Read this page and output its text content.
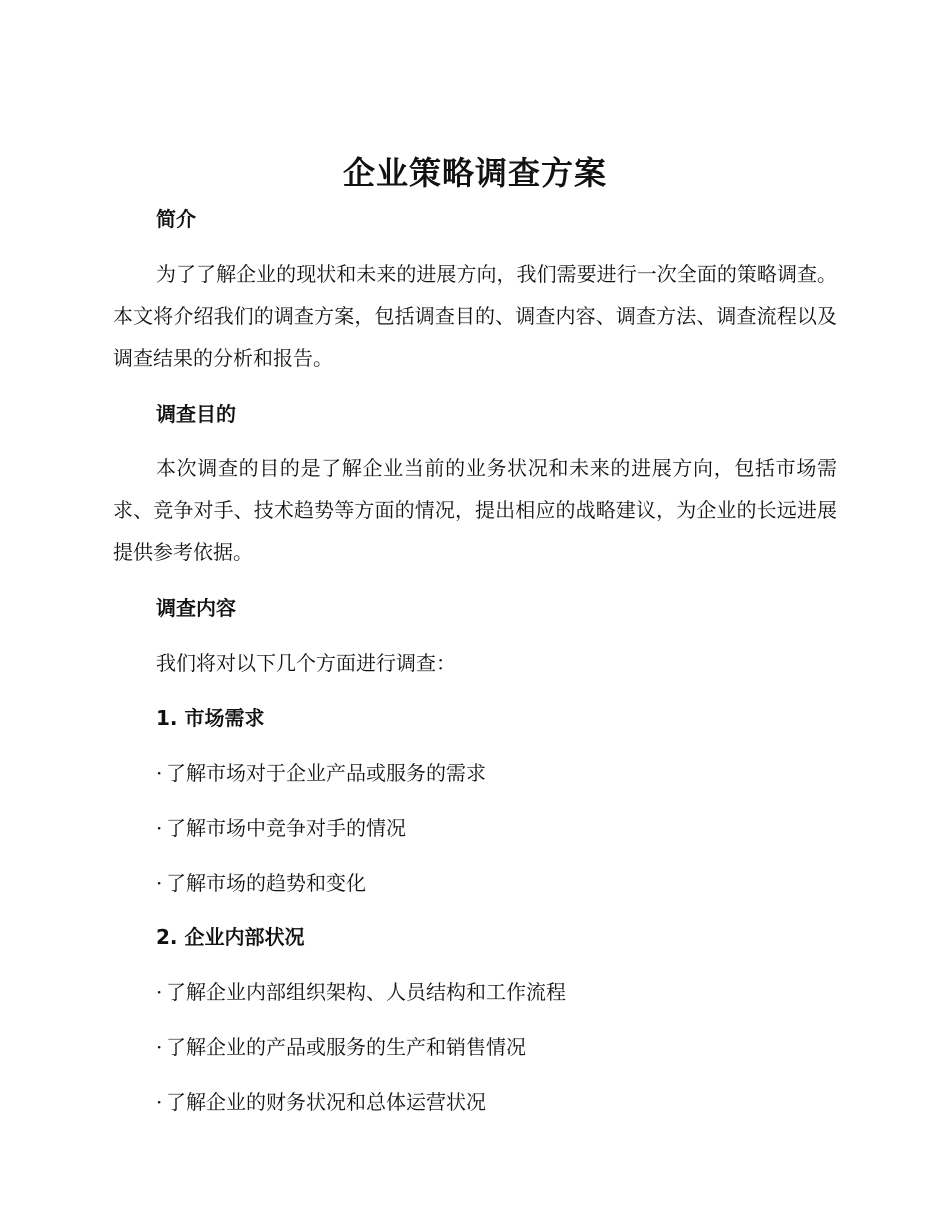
企业策略调查方案
简介

为了了解企业的现状和未来的进展方向，我们需要进行一次全面的策略调查。本文将介绍我们的调查方案，包括调查目的、调查内容、调查方法、调查流程以及调查结果的分析和报告。

调查目的

本次调查的目的是了解企业当前的业务状况和未来的进展方向，包括市场需求、竞争对手、技术趋势等方面的情况，提出相应的战略建议，为企业的长远进展提供参考依据。

调查内容
我们将对以下几个方面进行调查：
1. 市场需求
· 了解市场对于企业产品或服务的需求
· 了解市场中竞争对手的情况
· 了解市场的趋势和变化
2. 企业内部状况
· 了解企业内部组织架构、人员结构和工作流程
· 了解企业的产品或服务的生产和销售情况
· 了解企业的财务状况和总体运营状况
